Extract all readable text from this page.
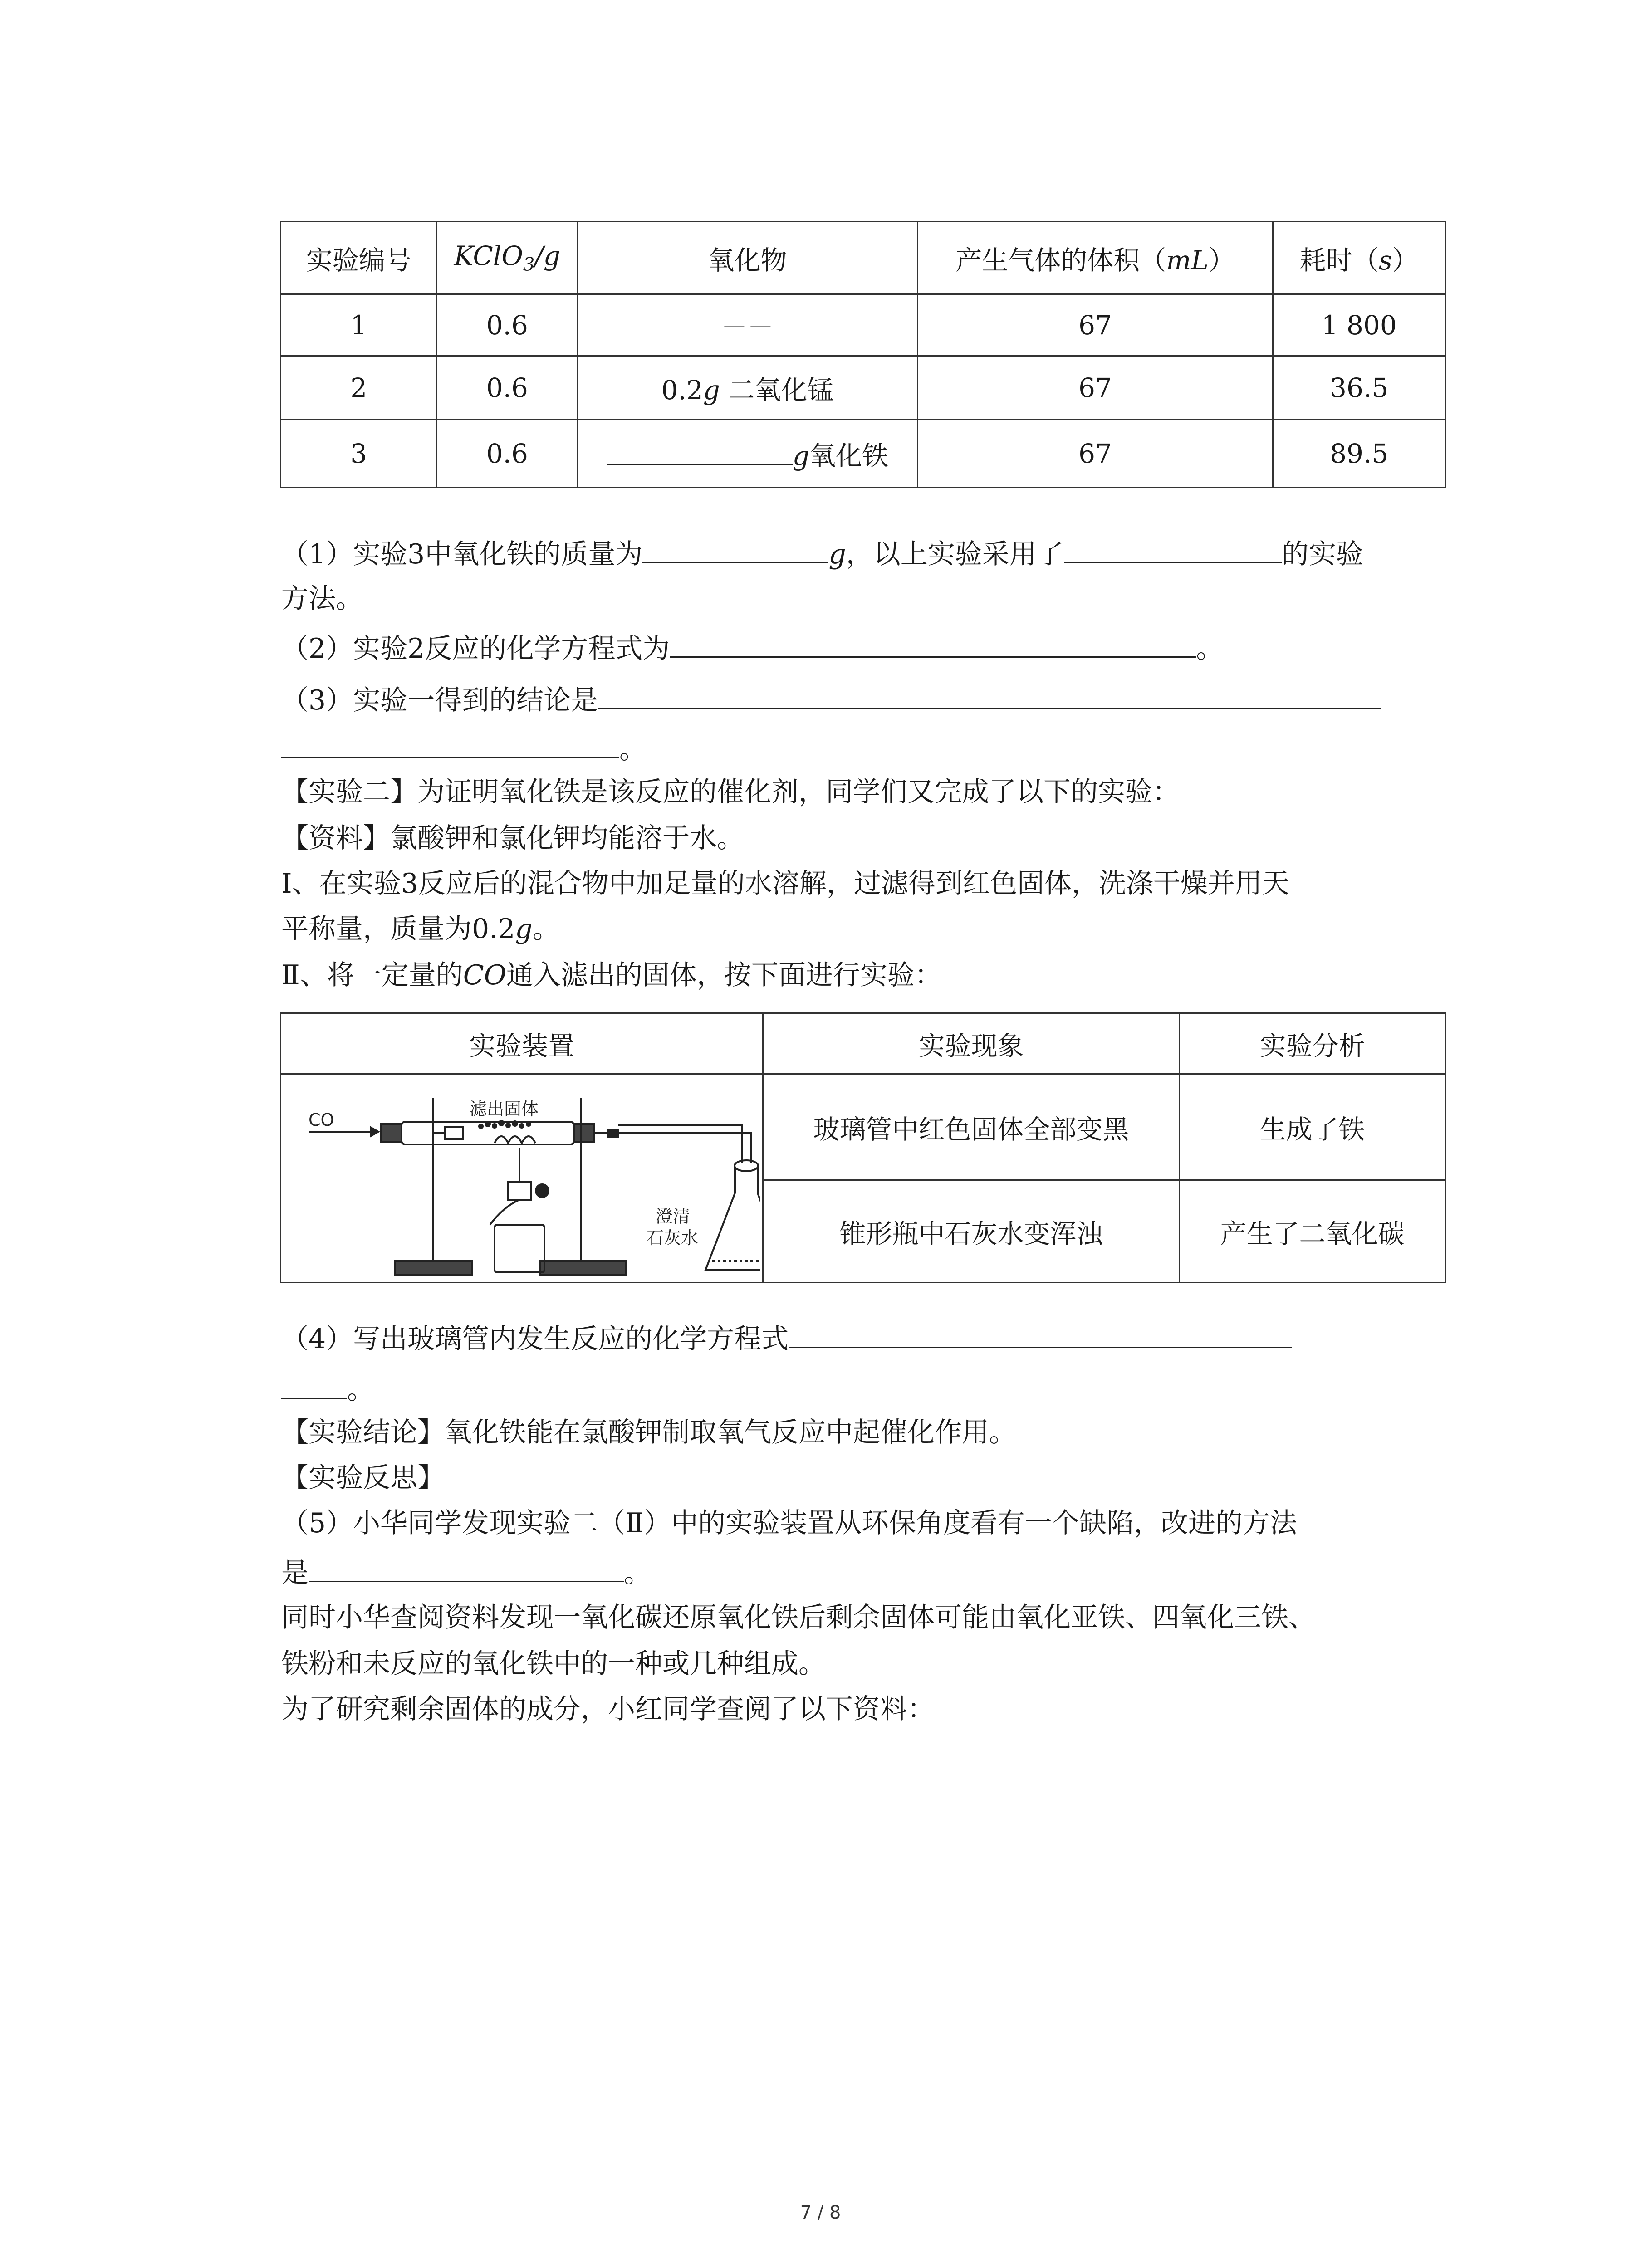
实验编号	KClO$_3$/g	氧化物	产生气体的体积（mL）	耗时（s）
1	0.6	－－	67	1 800
2	0.6	0.2g 二氧化锰	67	36.5
3	0.6	g氧化铁	67	89.5
（1）实验3中氧化铁的质量为	g，以上实验采用了	的实验
方法。
（2）实验2反应的化学方程式为	。
（3）实验一得到的结论是
。
【实验二】为证明氧化铁是该反应的催化剂，同学们又完成了以下的实验：
【资料】氯酸钾和氯化钾均能溶于水。
Ⅰ、在实验3反应后的混合物中加足量的水溶解，过滤得到红色固体，洗涤干燥并用天
平称量，质量为0.2g。
Ⅱ、将一定量的CO通入滤出的固体，按下面进行实验：
实验装置	实验现象	实验分析

CO
滤出固体
澄清
石灰水	玻璃管中红色固体全部变黑	生成了铁
	锥形瓶中石灰水变浑浊	产生了二氧化碳
（4）写出玻璃管内发生反应的化学方程式
。
【实验结论】氧化铁能在氯酸钾制取氧气反应中起催化作用。
【实验反思】
（5）小华同学发现实验二（Ⅱ）中的实验装置从环保角度看有一个缺陷，改进的方法
是	。
同时小华查阅资料发现一氧化碳还原氧化铁后剩余固体可能由氧化亚铁、四氧化三铁、
铁粉和未反应的氧化铁中的一种或几种组成。
为了研究剩余固体的成分，小红同学查阅了以下资料：
7 / 8
